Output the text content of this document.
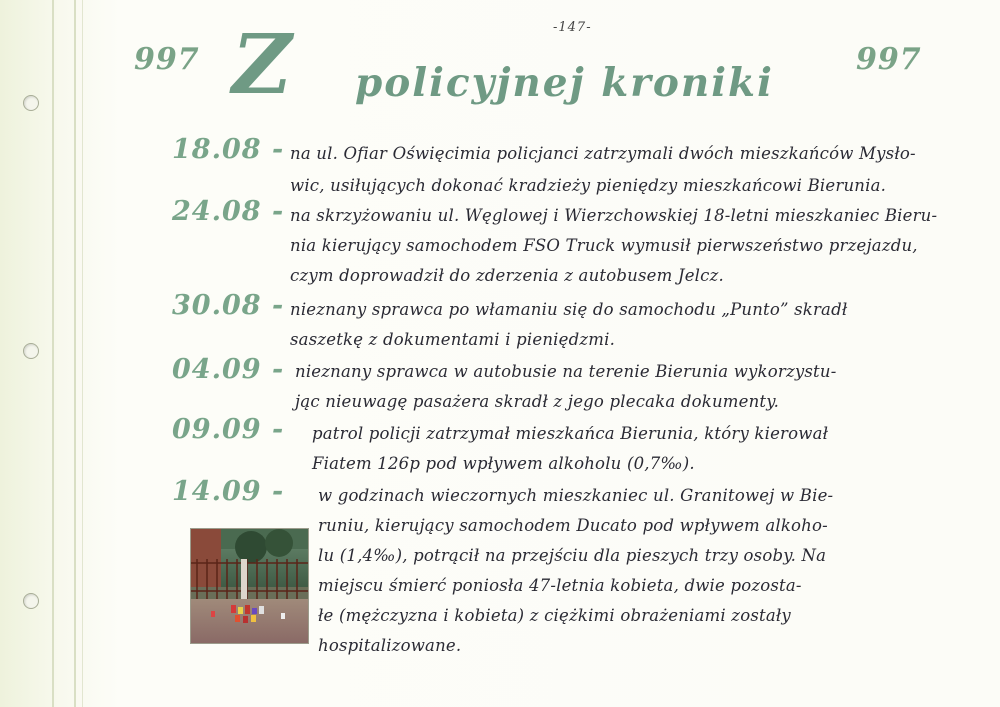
-147-
997	997
Z policyjnej kroniki
18.08 - na ul. Ofiar Oświęcimia policjanci zatrzymali dwóch mieszkańców Mysło-
wic, usiłujących dokonać kradzieży pieniędzy mieszkańcowi Bierunia.
24.08 - na skrzyżowaniu ul. Węglowej i Wierzchowskiej 18-letni mieszkaniec Bieru-
nia kierujący samochodem FSO Truck wymusił pierwszeństwo przejazdu,
czym doprowadził do zderzenia z autobusem Jelcz.
30.08 - nieznany sprawca po włamaniu się do samochodu „Punto” skradł
saszetkę z dokumentami i pieniędzmi.
04.09 - nieznany sprawca w autobusie na terenie Bierunia wykorzystu-
jąc nieuwagę pasażera skradł z jego plecaka dokumenty.
09.09 - patrol policji zatrzymał mieszkańca Bierunia, który kierował
Fiatem 126p pod wpływem alkoholu (0,7‰).
14.09 - w godzinach wieczornych mieszkaniec ul. Granitowej w Bie-
runiu, kierujący samochodem Ducato pod wpływem alkoho-
lu (1,4‰), potrącił na przejściu dla pieszych trzy osoby. Na
miejscu śmierć poniosła 47-letnia kobieta, dwie pozosta-
łe (mężczyzna i kobieta) z ciężkimi obrażeniami zostały
hospitalizowane.
